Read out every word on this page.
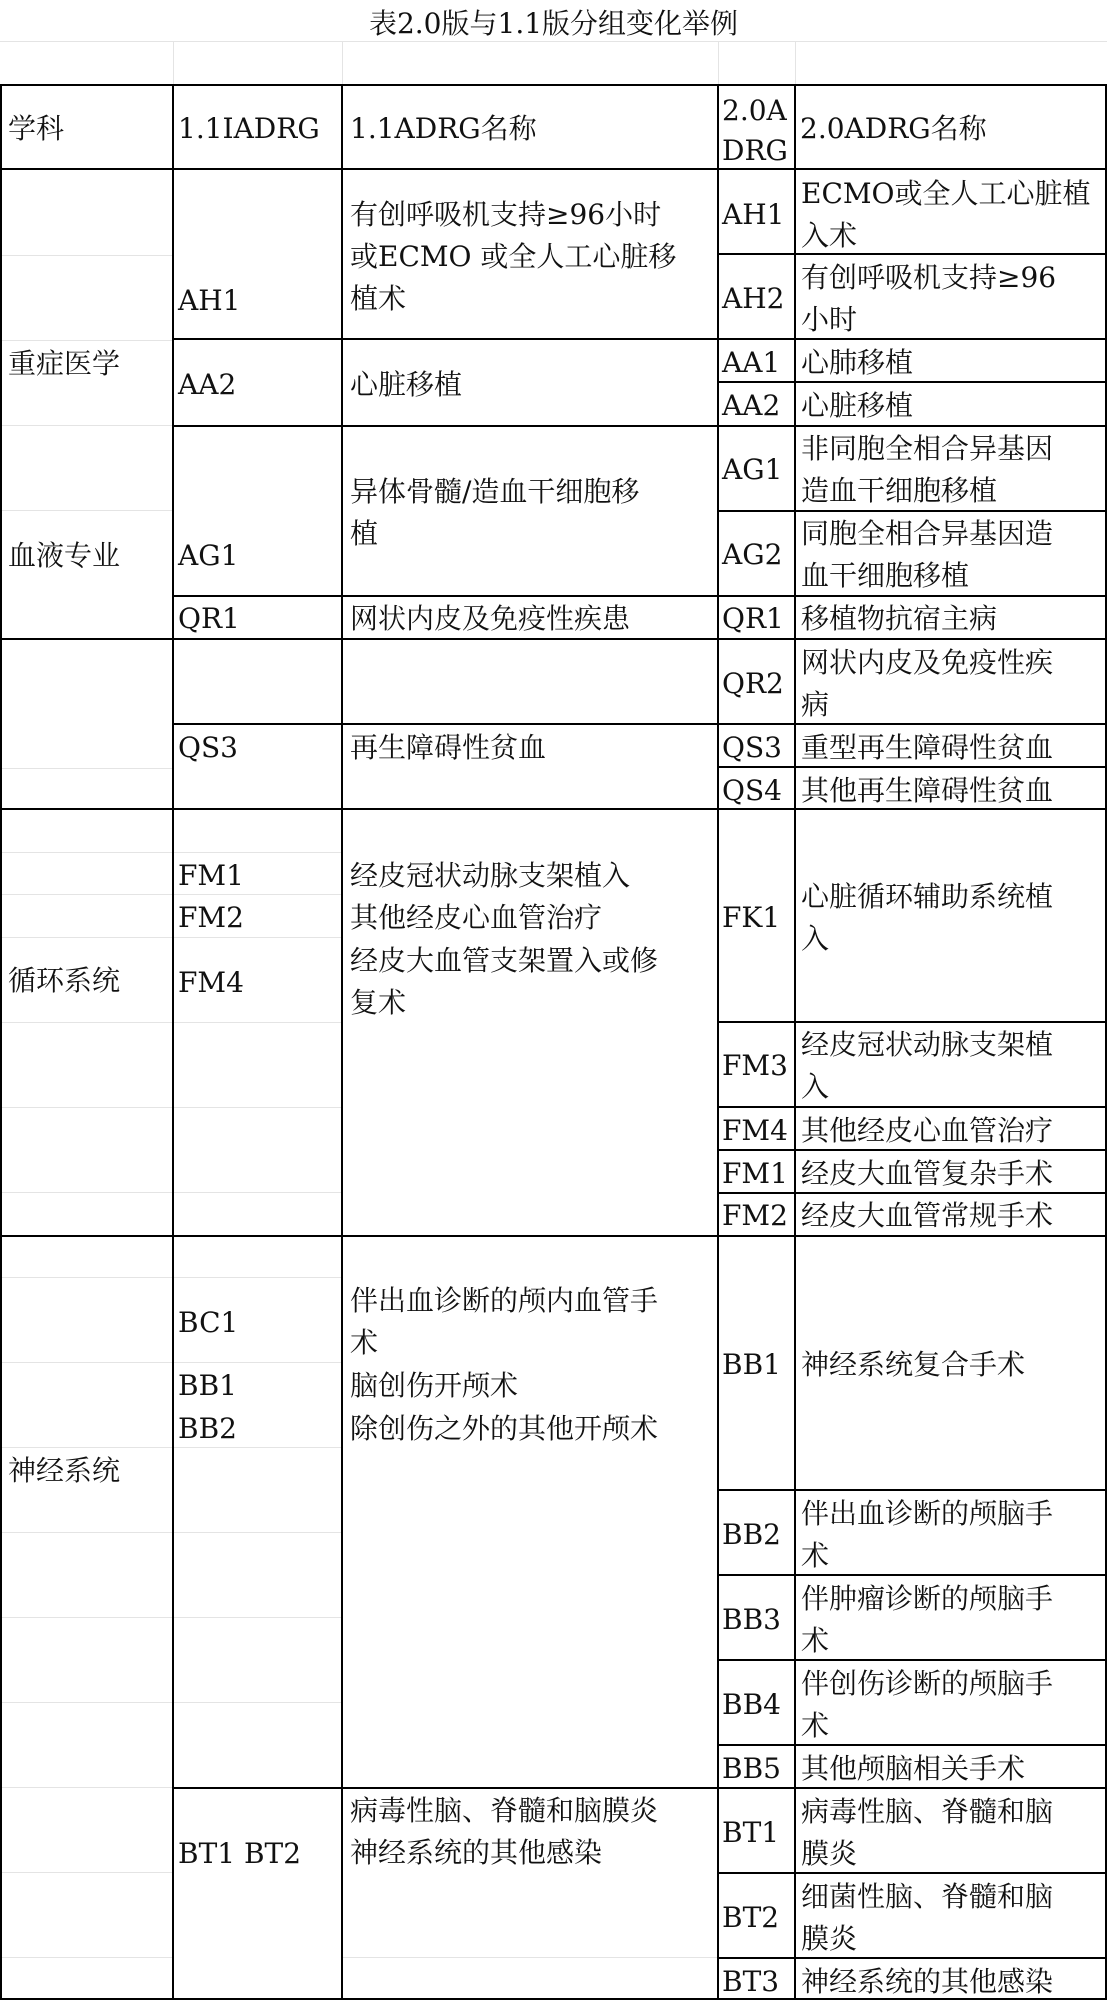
表2.0版与1.1版分组变化举例
学科	1.1IADRG 1.1ADRG名称
2.0A
DRG
2.0ADRG名称
重症医学
血液专业
循环系统
神经系统
AH1
AA2
AG1
QR1
QS3
FM1
FM2
FM4
BC1
BB1
BB2
BT1 BT2
有创呼吸机支持≥96小时
或ECMO 或全人工心脏移
植术
心脏移植
异体骨髓/造血干细胞移
植
网状内皮及免疫性疾患
再生障碍性贫血
经皮冠状动脉支架植入
其他经皮心血管治疗
经皮大血管支架置入或修
复术
伴出血诊断的颅内血管手
术
脑创伤开颅术
除创伤之外的其他开颅术
病毒性脑、脊髓和脑膜炎
神经系统的其他感染
AH1
AH2
AA1
AA2
AG1
AG2
QR1
QR2
QS3
QS4
FK1
FM3
FM4
FM1
FM2
BB1
BB2
BB3
BB4
BB5
BT1
BT2
BT3
ECMO或全人工心脏植
入术
有创呼吸机支持≥96
小时
心肺移植
心脏移植
非同胞全相合异基因
造血干细胞移植
同胞全相合异基因造
血干细胞移植
移植物抗宿主病
网状内皮及免疫性疾
病
重型再生障碍性贫血
其他再生障碍性贫血
心脏循环辅助系统植
入
经皮冠状动脉支架植
入
其他经皮心血管治疗
经皮大血管复杂手术
经皮大血管常规手术
神经系统复合手术
伴出血诊断的颅脑手
术
伴肿瘤诊断的颅脑手
术
伴创伤诊断的颅脑手
术
其他颅脑相关手术
病毒性脑、脊髓和脑
膜炎
细菌性脑、脊髓和脑
膜炎
神经系统的其他感染
